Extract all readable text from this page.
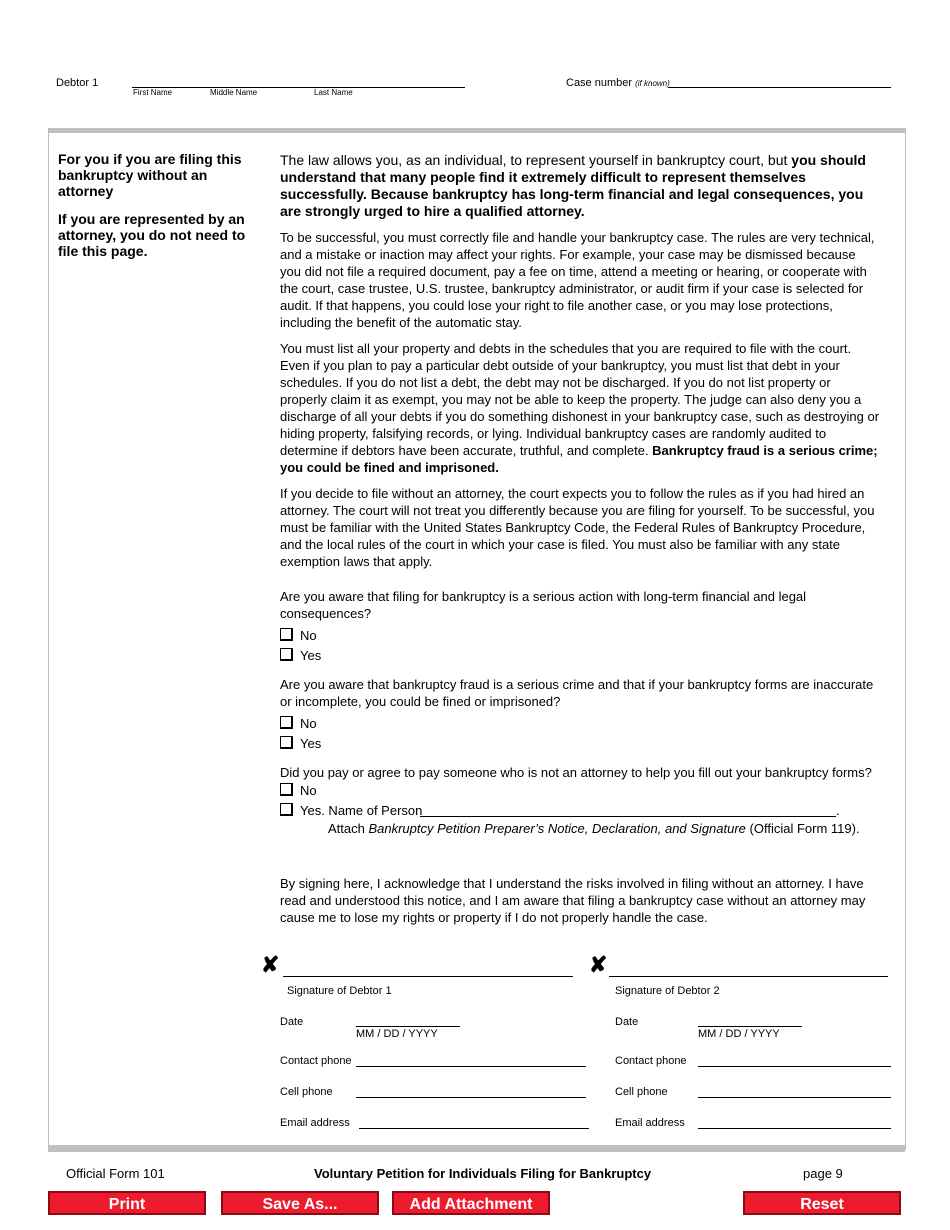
Debtor 1
First Name	Middle Name	Last Name
Case number (if known)

For you if you are filing this bankruptcy without an attorney

If you are represented by an attorney, you do not need to file this page.

The law allows you, as an individual, to represent yourself in bankruptcy court, but you should understand that many people find it extremely difficult to represent themselves successfully. Because bankruptcy has long-term financial and legal consequences, you are strongly urged to hire a qualified attorney.

To be successful, you must correctly file and handle your bankruptcy case. The rules are very technical, and a mistake or inaction may affect your rights. For example, your case may be dismissed because you did not file a required document, pay a fee on time, attend a meeting or hearing, or cooperate with the court, case trustee, U.S. trustee, bankruptcy administrator, or audit firm if your case is selected for audit. If that happens, you could lose your right to file another case, or you may lose protections, including the benefit of the automatic stay.

You must list all your property and debts in the schedules that you are required to file with the court. Even if you plan to pay a particular debt outside of your bankruptcy, you must list that debt in your schedules. If you do not list a debt, the debt may not be discharged. If you do not list property or properly claim it as exempt, you may not be able to keep the property. The judge can also deny you a discharge of all your debts if you do something dishonest in your bankruptcy case, such as destroying or hiding property, falsifying records, or lying. Individual bankruptcy cases are randomly audited to determine if debtors have been accurate, truthful, and complete. Bankruptcy fraud is a serious crime; you could be fined and imprisoned.

If you decide to file without an attorney, the court expects you to follow the rules as if you had hired an attorney. The court will not treat you differently because you are filing for yourself. To be successful, you must be familiar with the United States Bankruptcy Code, the Federal Rules of Bankruptcy Procedure, and the local rules of the court in which your case is filed. You must also be familiar with any state exemption laws that apply.

Are you aware that filing for bankruptcy is a serious action with long-term financial and legal consequences?

No
Yes

Are you aware that bankruptcy fraud is a serious crime and that if your bankruptcy forms are inaccurate or incomplete, you could be fined or imprisoned?

No
Yes

Did you pay or agree to pay someone who is not an attorney to help you fill out your bankruptcy forms?

No
Yes. Name of Person	.
Attach Bankruptcy Petition Preparer’s Notice, Declaration, and Signature (Official Form 119).

By signing here, I acknowledge that I understand the risks involved in filing without an attorney. I have read and understood this notice, and I am aware that filing a bankruptcy case without an attorney may cause me to lose my rights or property if I do not properly handle the case.

✘
Signature of Debtor 1
Date
MM / DD / YYYY
Contact phone
Cell phone
Email address
✘
Signature of Debtor 2
Date
MM / DD / YYYY
Contact phone
Cell phone
Email address
Official Form 101	Voluntary Petition for Individuals Filing for Bankruptcy	page 9
Print	Save As...	Add Attachment	Reset
